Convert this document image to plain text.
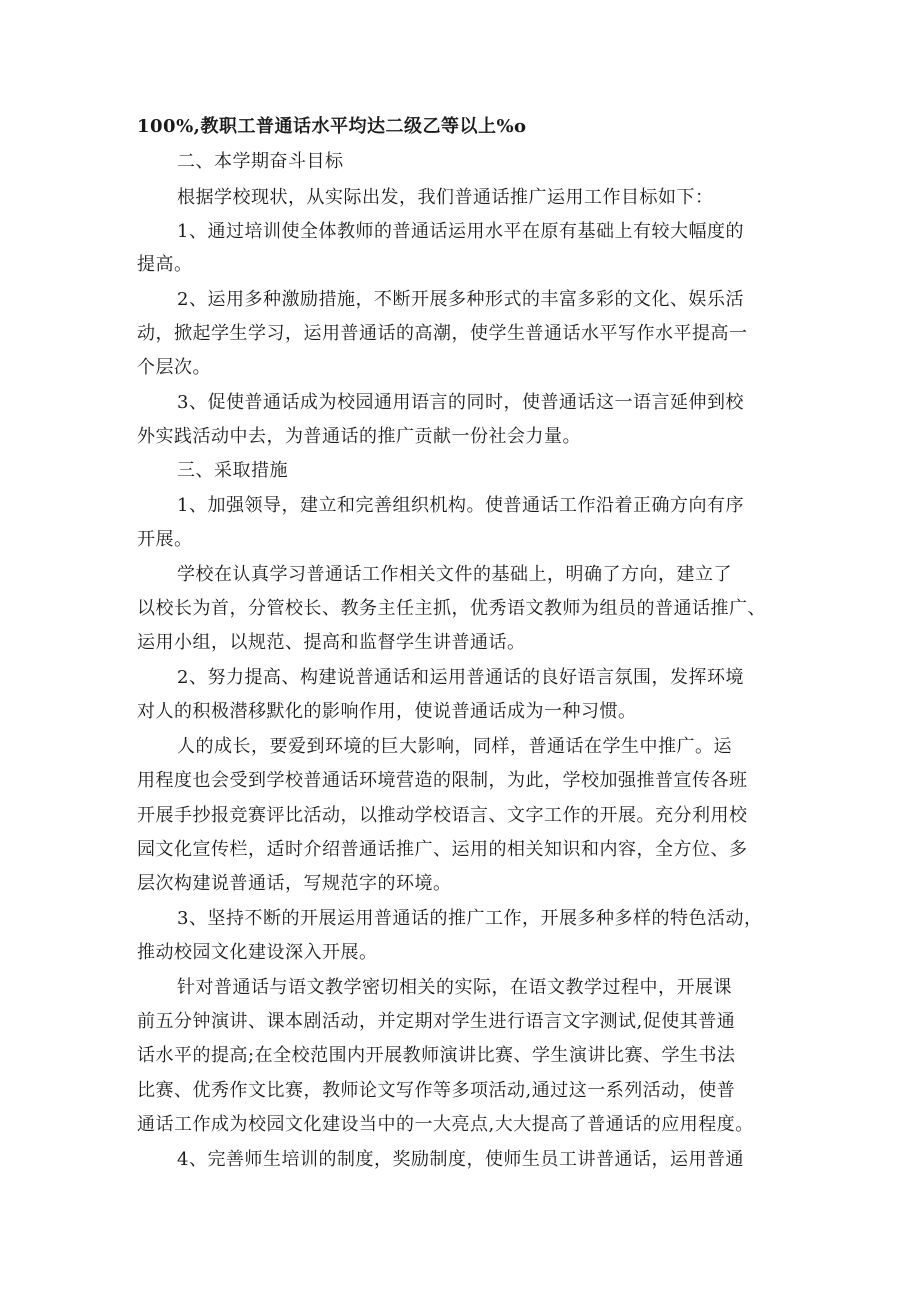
100%,教职工普通话水平均达二级乙等以上%o
二、本学期奋斗目标
根据学校现状，从实际出发，我们普通话推广运用工作目标如下：
1、通过培训使全体教师的普通话运用水平在原有基础上有较大幅度的
提高。
2、运用多种激励措施，不断开展多种形式的丰富多彩的文化、娱乐活
动，掀起学生学习，运用普通话的高潮，使学生普通话水平写作水平提高一
个层次。
3、促使普通话成为校园通用语言的同时，使普通话这一语言延伸到校
外实践活动中去，为普通话的推广贡献一份社会力量。
三、采取措施
1、加强领导，建立和完善组织机构。使普通话工作沿着正确方向有序
开展。
学校在认真学习普通话工作相关文件的基础上，明确了方向，建立了
以校长为首，分管校长、教务主任主抓，优秀语文教师为组员的普通话推广、
运用小组，以规范、提高和监督学生讲普通话。
2、努力提高、构建说普通话和运用普通话的良好语言氛围，发挥环境
对人的积极潜移默化的影响作用，使说普通话成为一种习惯。
人的成长，要爱到环境的巨大影响，同样，普通话在学生中推广。运
用程度也会受到学校普通话环境营造的限制，为此，学校加强推普宣传各班
开展手抄报竞赛评比活动，以推动学校语言、文字工作的开展。充分利用校
园文化宣传栏，适时介绍普通话推广、运用的相关知识和内容，全方位、多
层次构建说普通话，写规范字的环境。
3、坚持不断的开展运用普通话的推广工作，开展多种多样的特色活动，
推动校园文化建设深入开展。
针对普通话与语文教学密切相关的实际，在语文教学过程中，开展课
前五分钟演讲、课本剧活动，并定期对学生进行语言文字测试,促使其普通
话水平的提高;在全校范围内开展教师演讲比赛、学生演讲比赛、学生书法
比赛、优秀作文比赛，教师论文写作等多项活动,通过这一系列活动，使普
通话工作成为校园文化建设当中的一大亮点,大大提高了普通话的应用程度。
4、完善师生培训的制度，奖励制度，使师生员工讲普通话，运用普通
